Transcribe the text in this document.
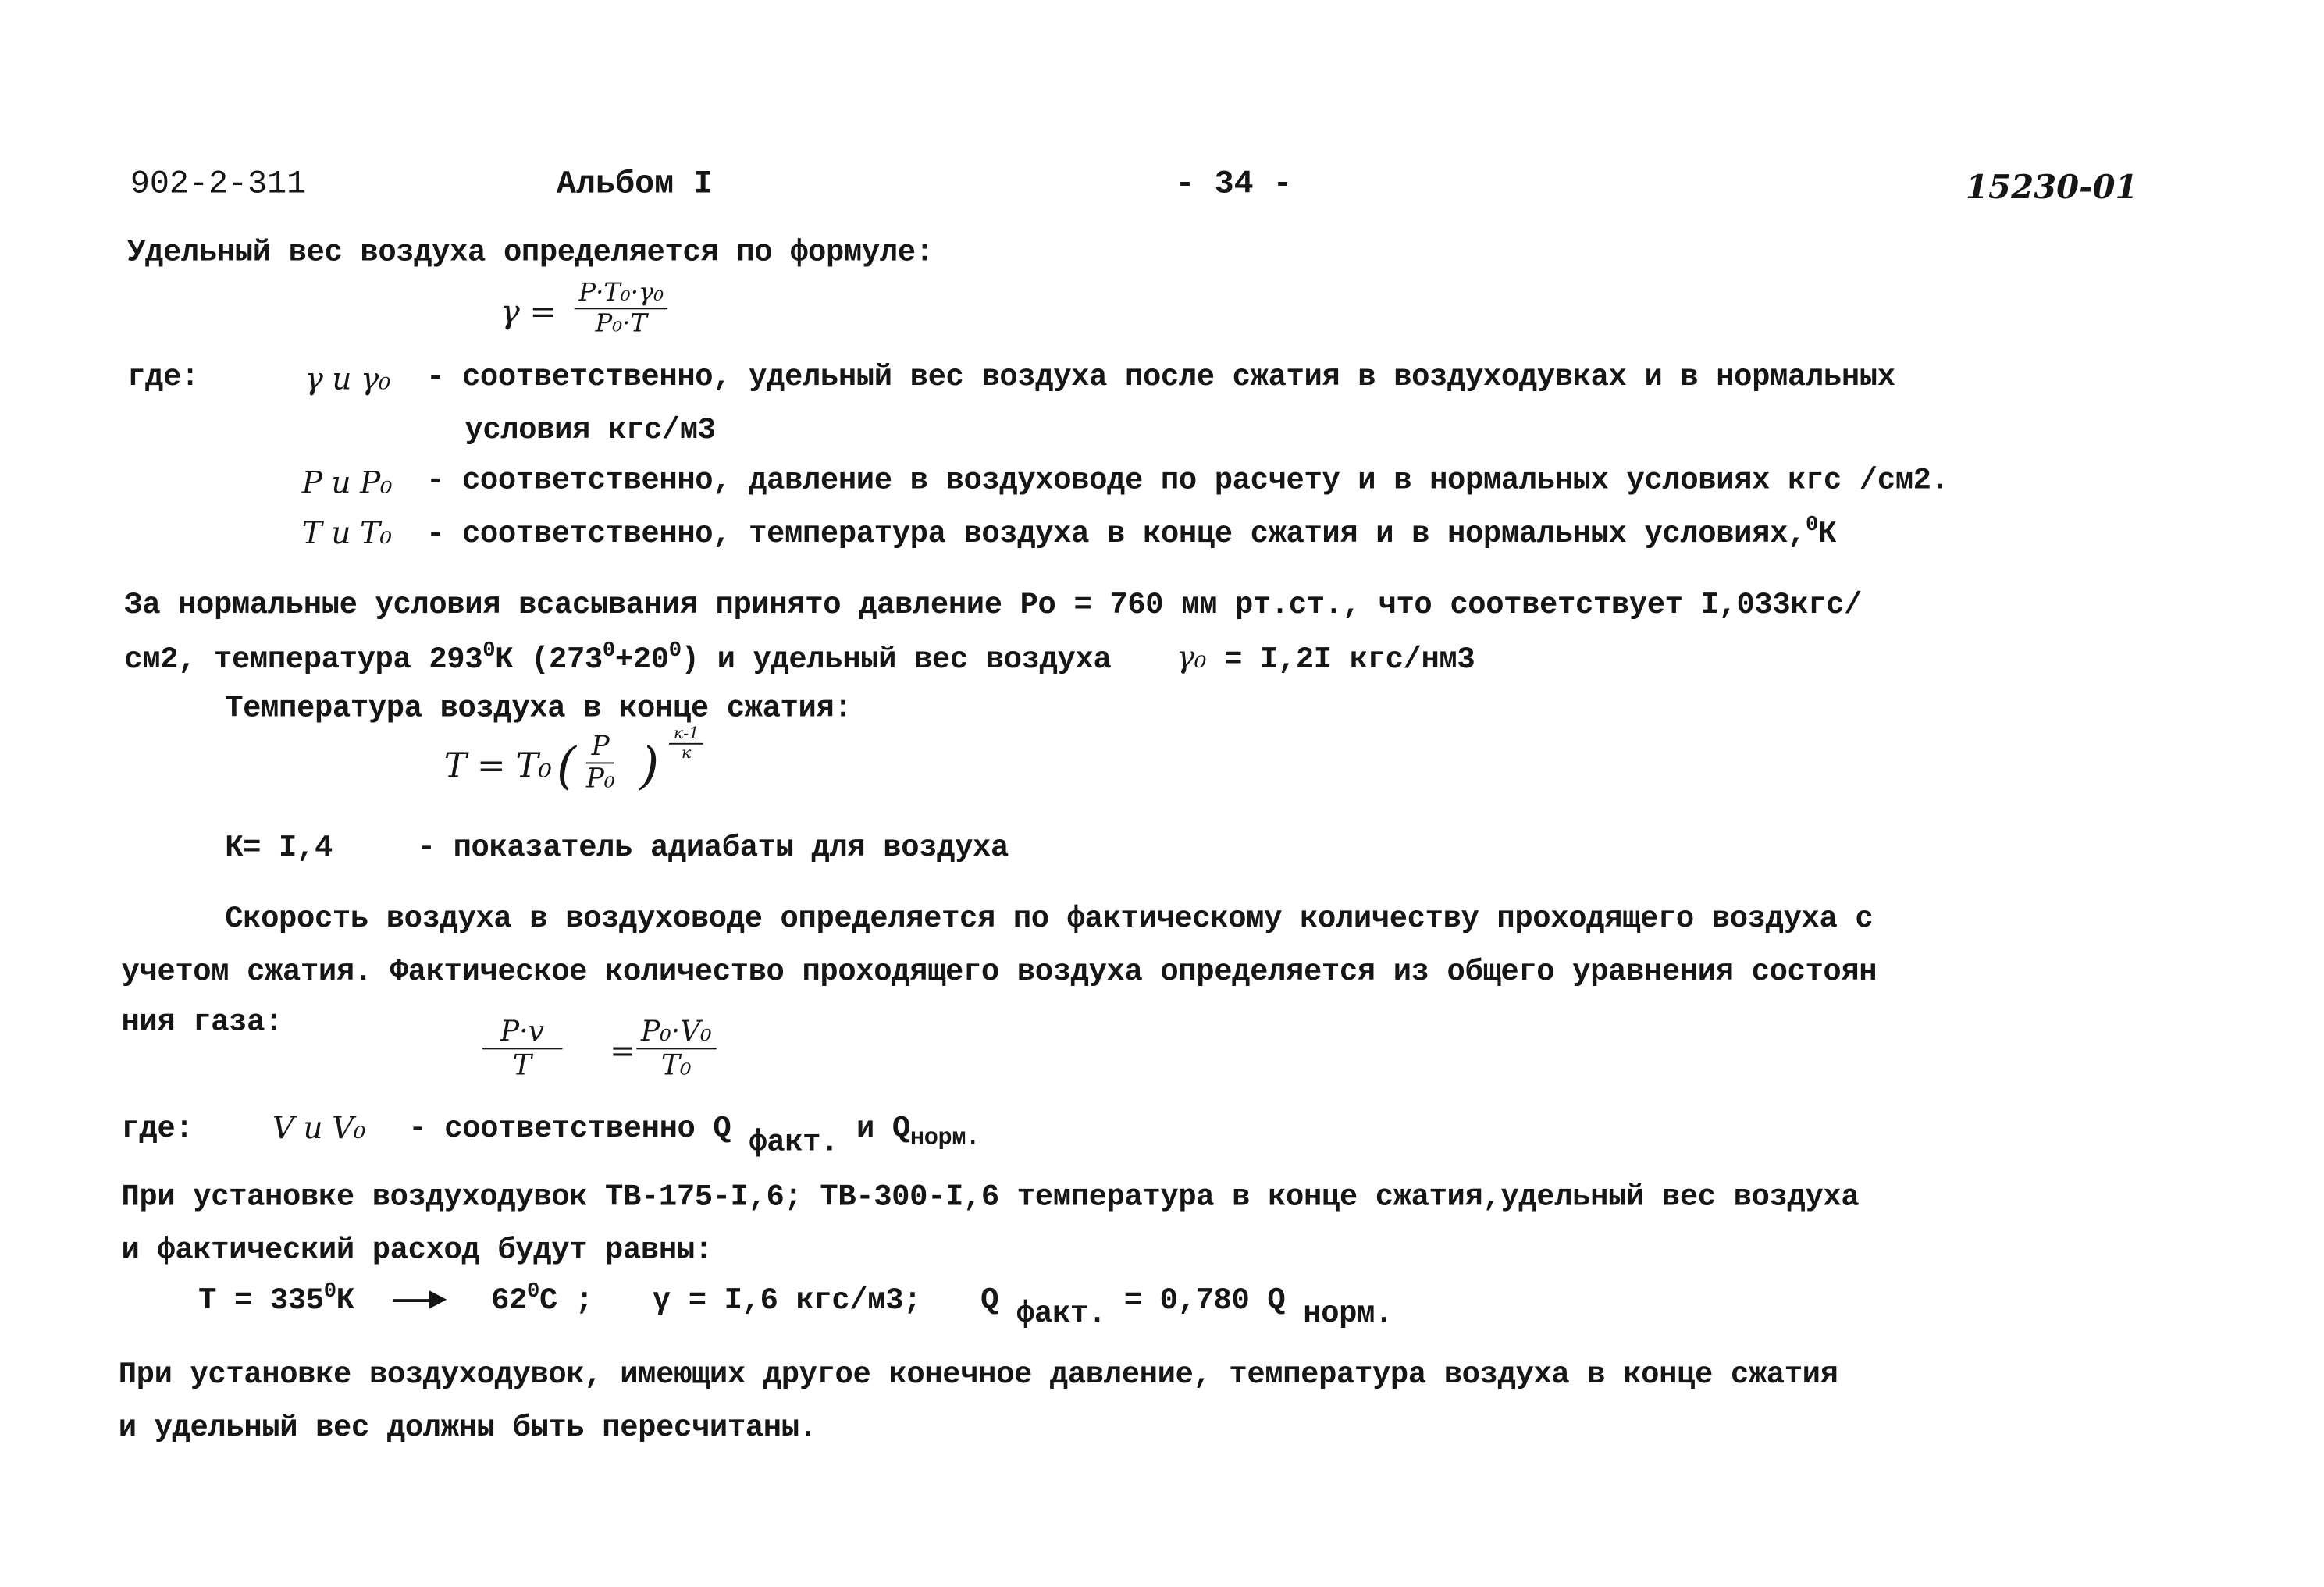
902-2-311	Альбом I	- 34 -	15230-01
Удельный вес воздуха определяется по формуле:
$\gamma = \frac{\text{P·T₀·γ₀}}{\text{P₀·T}}$
где:	γ и γ₀ - соответственно, удельный вес воздуха после сжатия в воздуходувках и в нормальных
условия кгс/м3
P и P₀ - соответственно, давление в воздуховоде по расчету и в нормальных условиях кгс /см2.
T и T₀ - соответственно, температура воздуха в конце сжатия и в нормальных условиях,$^0$К
За нормальные условия всасывания принято давление Ро = 760 мм рт.ст., что соответствует I,033кгс/
см2, температура $293^0К$ $(273^0+20^0)$ и удельный вес воздуха	γ₀ = I,2I кгс/нм3
Температура воздуха в конце сжатия:
T = T₀ ( $\frac{P}{\text{P₀}}$ )
к-1
к
К= I,4	- показатель адиабаты для воздуха
Скорость воздуха в воздуховоде определяется по фактическому количеству проходящего воздуха с
учетом сжатия. Фактическое количество проходящего воздуха определяется из общего уравнения состоян
ния газа:	$\frac{P\cdot v}{T}$	= $\frac{\text{P₀·V₀}}{\text{T₀}}$
где:	V и V₀	- соответственно Q факт. и $Q_{норм.}$
При установке воздуходувок ТВ-175-I,6; ТВ-300-I,6 температура в конце сжатия,удельный вес воздуха
и фактический расход будут равны:
$Т = 335^0К$ ——►	$62^0С$ ;	γ = I,6 кгс/м3;	Q факт. = 0,780 Q норм.
При установке воздуходувок, имеющих другое конечное давление, температура воздуха в конце сжатия
и удельный вес должны быть пересчитаны.
